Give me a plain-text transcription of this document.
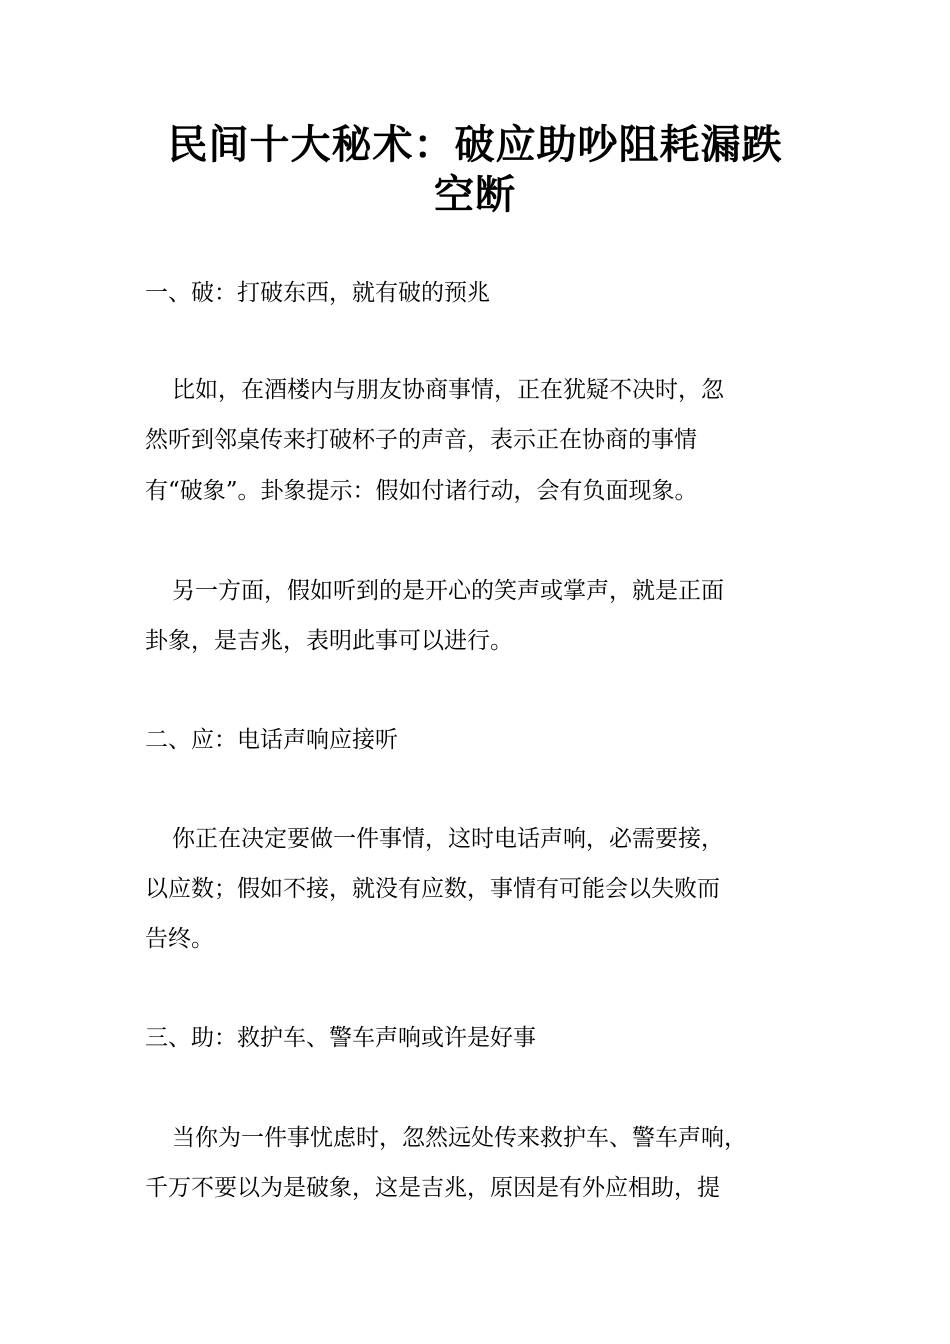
民间十大秘术：破应助吵阻耗漏跌
空断

一、破：打破东西，就有破的预兆

比如，在酒楼内与朋友协商事情，正在犹疑不决时，忽

然听到邻桌传来打破杯子的声音，表示正在协商的事情

有“破象”。卦象提示：假如付诸行动，会有负面现象。

另一方面，假如听到的是开心的笑声或掌声，就是正面

卦象，是吉兆，表明此事可以进行。

二、应：电话声响应接听

你正在决定要做一件事情，这时电话声响，必需要接，

以应数；假如不接，就没有应数，事情有可能会以失败而

告终。

三、助：救护车、警车声响或许是好事

当你为一件事忧虑时，忽然远处传来救护车、警车声响，

千万不要以为是破象，这是吉兆，原因是有外应相助，提
